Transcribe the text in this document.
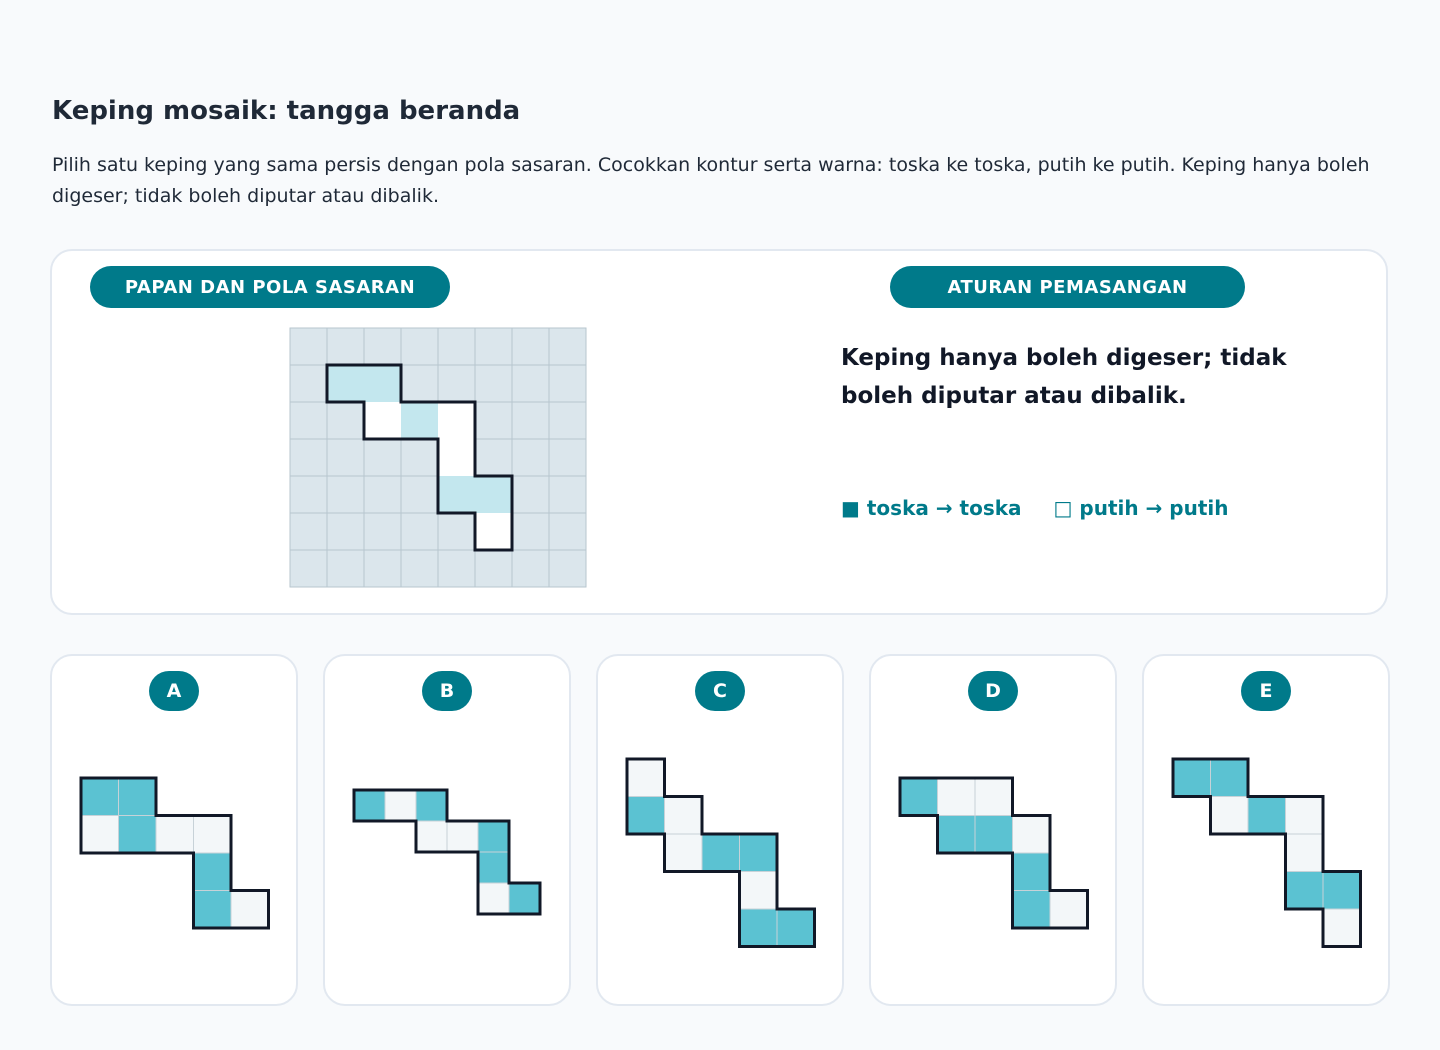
Keping mosaik: tangga beranda

Pilih satu keping yang sama persis dengan pola sasaran. Cocokkan kontur serta warna: toska ke toska, putih ke putih. Keping hanya boleh digeser; tidak boleh diputar atau dibalik.

PAPAN DAN POLA SASARAN	ATURAN PEMASANGAN

Keping hanya boleh digeser; tidak boleh diputar atau dibalik.

■ toska → toska □ putih → putih
A	B	C	D	E
